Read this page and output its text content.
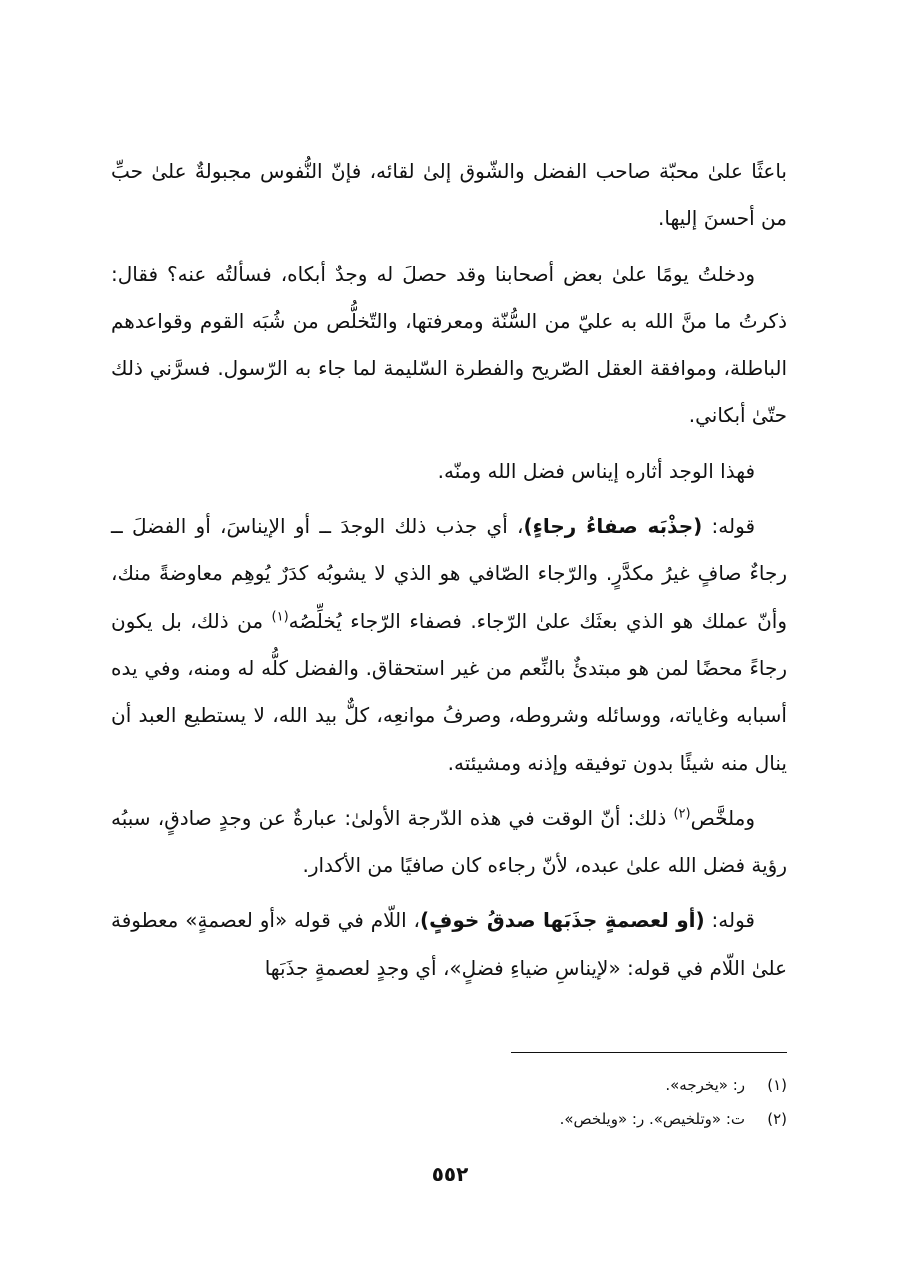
باعثًا علىٰ محبّة صاحب الفضل والشّوق إلىٰ لقائه، فإنّ النُّفوس مجبولةٌ علىٰ حبِّ من أحسنَ إليها.

ودخلتُ يومًا علىٰ بعض أصحابنا وقد حصلَ له وجدٌ أبكاه، فسألتُه عنه؟ فقال: ذكرتُ ما منَّ الله به عليّ من السُّنّة ومعرفتها، والتّخلُّص من شُبَه القوم وقواعدهم الباطلة، وموافقة العقل الصّريح والفطرة السّليمة لما جاء به الرّسول. فسرَّني ذلك حتّىٰ أبكاني.

فهذا الوجد أثاره إيناس فضل الله ومنّه.

قوله: (جذْبَه صفاءُ رجاءٍ)، أي جذب ذلك الوجدَ ــ أو الإيناسَ، أو الفضلَ ــ رجاءٌ صافٍ غيرُ مكدَّرٍ. والرّجاء الصّافي هو الذي لا يشوبُه كدَرٌ يُوهِم معاوضةً منك، وأنّ عملك هو الذي بعثَك علىٰ الرّجاء. فصفاء الرّجاء يُخلِّصُه$^{(١)}$ من ذلك، بل يكون رجاءً محضًا لمن هو مبتدئٌ بالنِّعم من غير استحقاق. والفضل كلُّه له ومنه، وفي يده أسبابه وغاياته، ووسائله وشروطه، وصرفُ موانعِه، كلٌّ بيد الله، لا يستطيع العبد أن ينال منه شيئًا بدون توفيقه وإذنه ومشيئته.

وملخَّص$^{(٢)}$ ذلك: أنّ الوقت في هذه الدّرجة الأولىٰ: عبارةٌ عن وجدٍ صادقٍ، سببُه رؤية فضل الله علىٰ عبده، لأنّ رجاءه كان صافيًا من الأكدار.

قوله: (أو لعصمةٍ جذَبَها صدقُ خوفٍ)، اللّام في قوله «أو لعصمةٍ» معطوفة علىٰ اللّام في قوله: «لإيناسِ ضياءِ فضلٍ»، أي وجدٍ لعصمةٍ جذَبَها

(١)ر: «يخرجه».
(٢)ت: «وتلخيص». ر: «ويلخص».
٥٥٢
